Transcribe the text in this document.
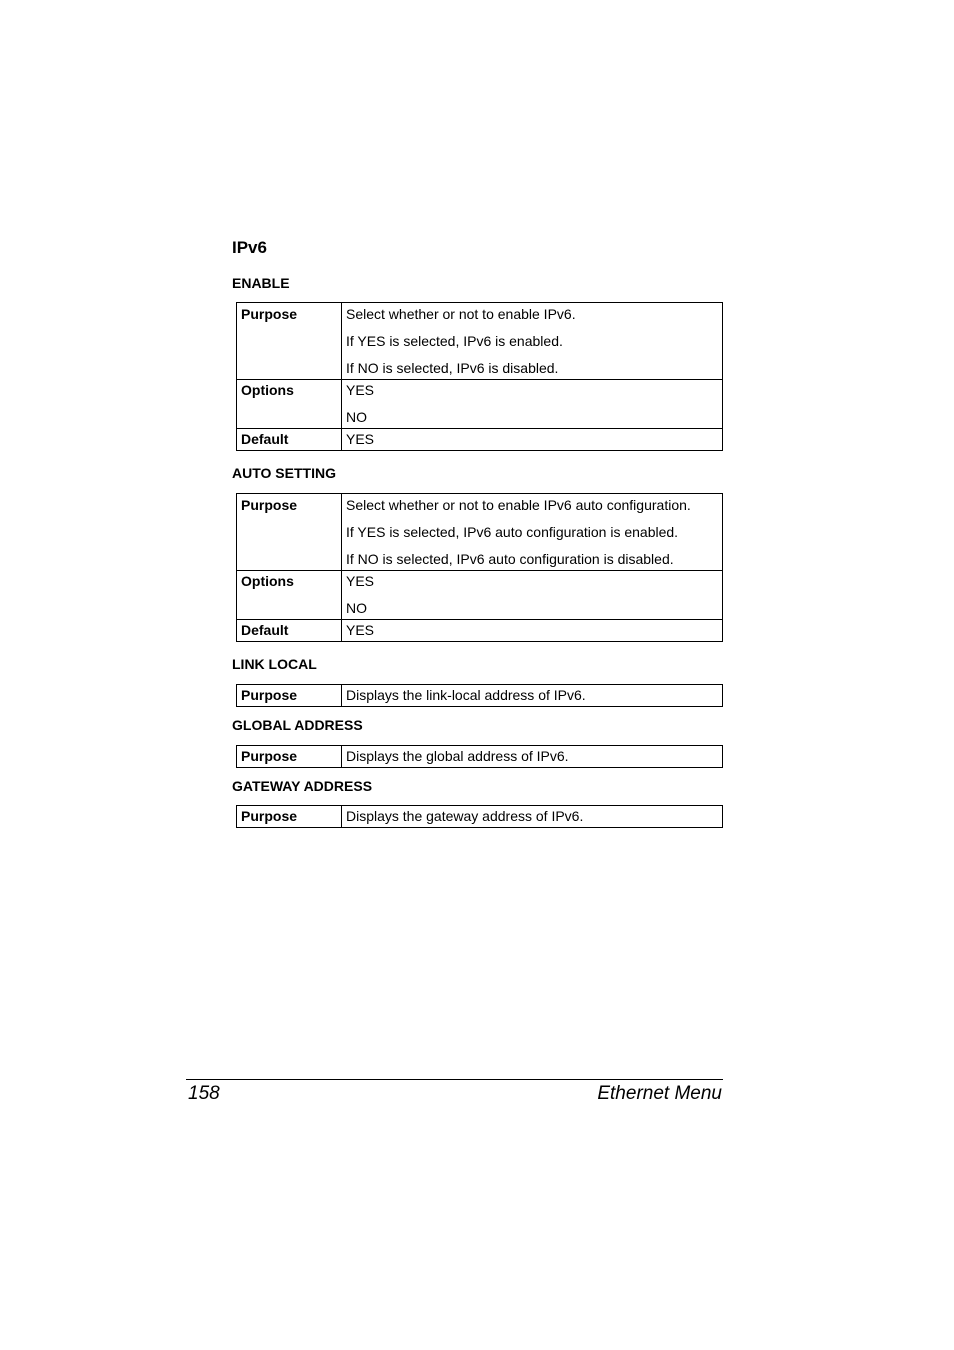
IPv6
ENABLE
Purpose	Select whether or not to enable IPv6.
If YES is selected, IPv6 is enabled.
If NO is selected, IPv6 is disabled.

Options	YES
NO

Default	YES
AUTO SETTING
Purpose	Select whether or not to enable IPv6 auto configuration.
If YES is selected, IPv6 auto configuration is enabled.
If NO is selected, IPv6 auto configuration is disabled.

Options	YES
NO

Default	YES
LINK LOCAL
Purpose	Displays the link-local address of IPv6.
GLOBAL ADDRESS
Purpose	Displays the global address of IPv6.
GATEWAY ADDRESS
Purpose	Displays the gateway address of IPv6.
158	Ethernet Menu
